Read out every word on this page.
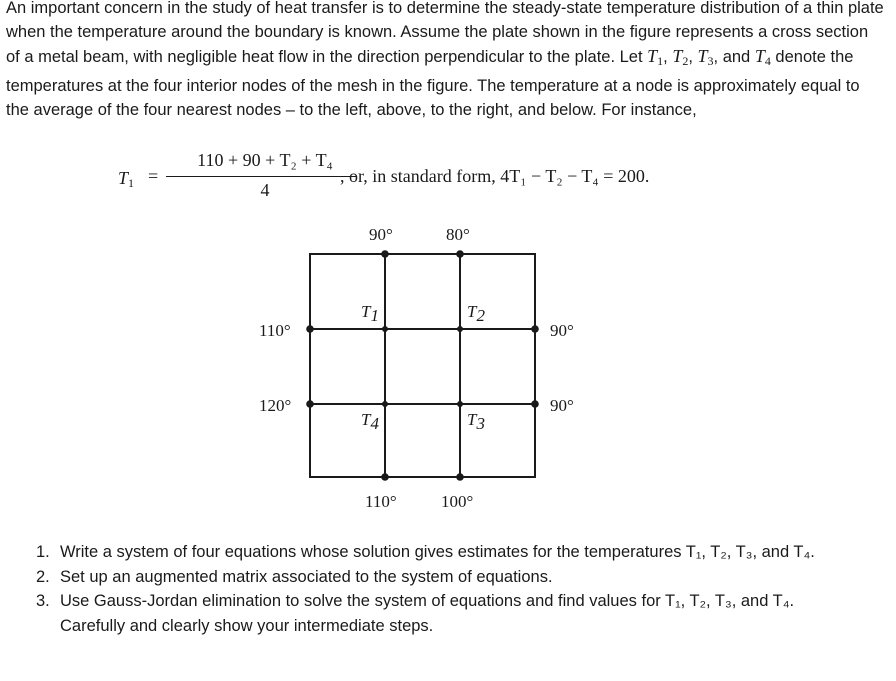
An important concern in the study of heat transfer is to determine the steady-state temperature distribution of a thin plate when the temperature around the boundary is known. Assume the plate shown in the figure represents a cross section of a metal beam, with negligible heat flow in the direction perpendicular to the plate. Let $T_1$, $T_2$, $T_3$, and $T_4$ denote the temperatures at the four interior nodes of the mesh in the figure. The temperature at a node is approximately equal to the average of the four nearest nodes – to the left, above, to the right, and below. For instance,
$T_1$ =
110 + 90 + T₂ + T₄
4
, or, in standard form, 4T₁ − T₂ − T₄ = 200.
90°	80°
110°
120°
90°
90°
110°	100°
T1	T2
T3
T4
1. Write a system of four equations whose solution gives estimates for the temperatures T₁, T₂, T₃, and T₄.
2. Set up an augmented matrix associated to the system of equations.
3. Use Gauss-Jordan elimination to solve the system of equations and find values for T₁, T₂, T₃, and T₄. Carefully and clearly show your intermediate steps.
